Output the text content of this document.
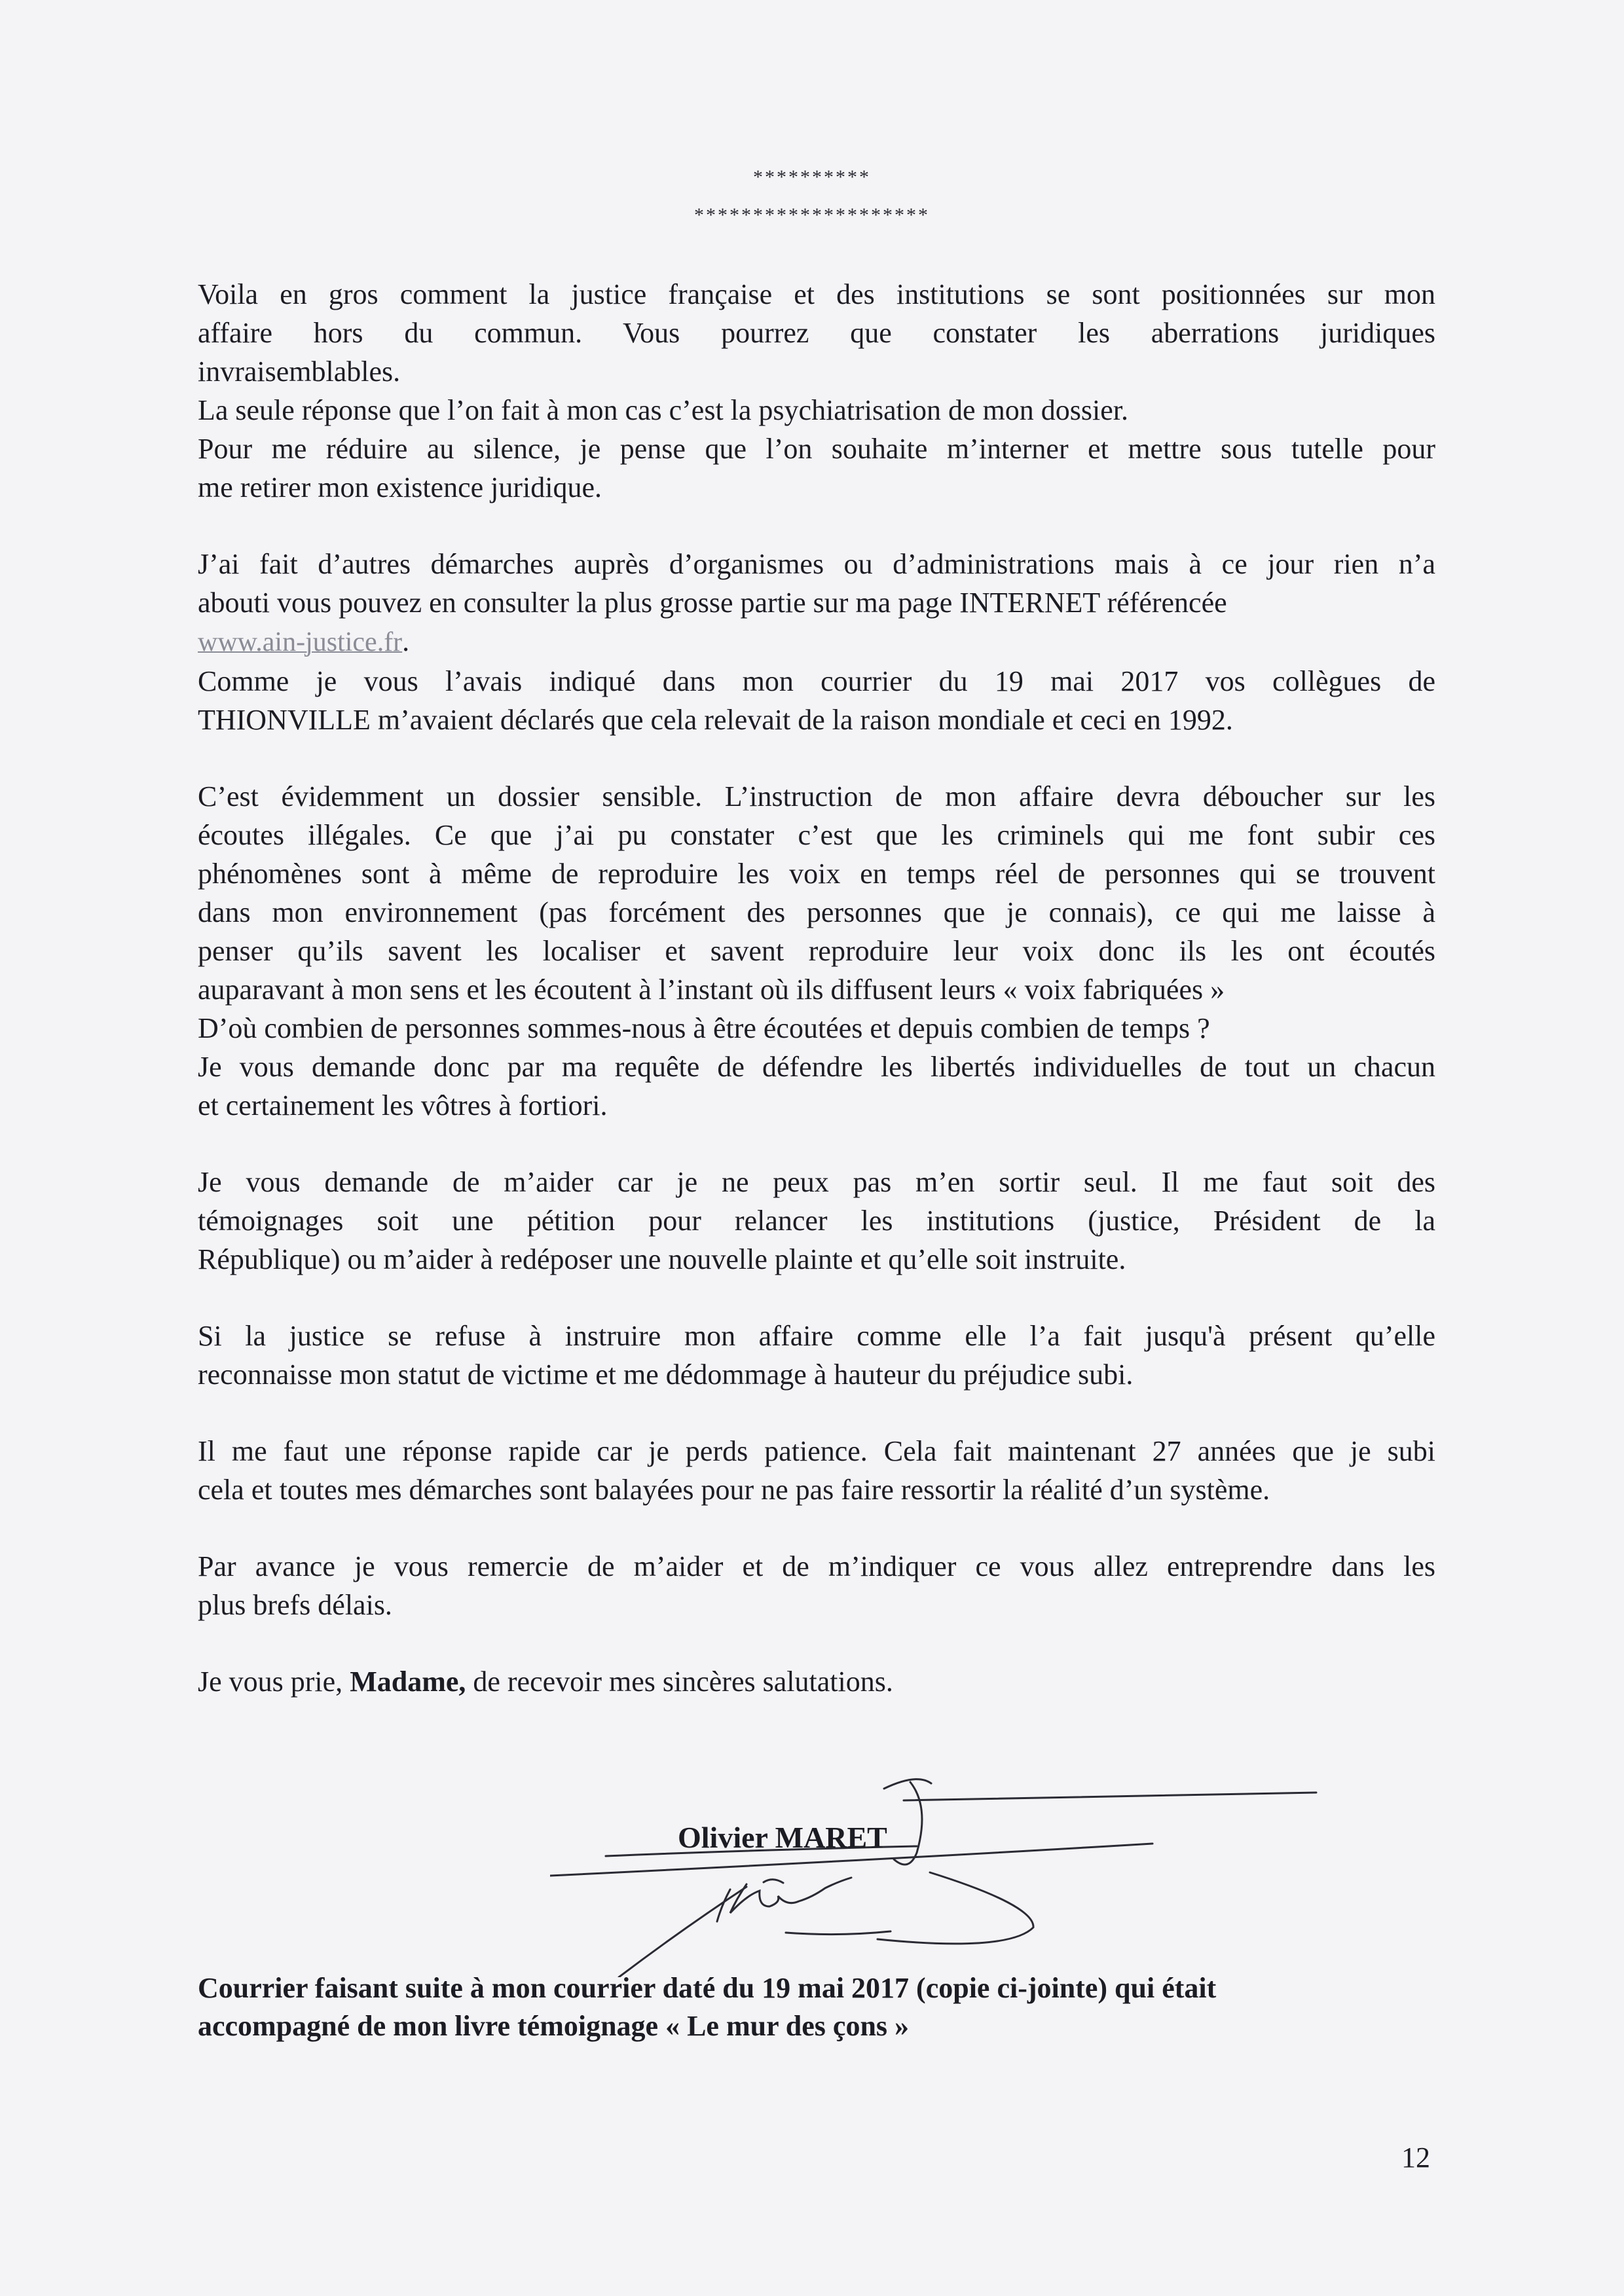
**********
********************

Voila en gros comment la justice française et des institutions se sont positionnées sur mon

affaire hors du commun. Vous pourrez que constater les aberrations juridiques

invraisemblables.

La seule réponse que l’on fait à mon cas c’est la psychiatrisation de mon dossier.

Pour me réduire au silence, je pense que l’on souhaite m’interner et mettre sous tutelle pour

me retirer mon existence juridique.

J’ai fait d’autres démarches auprès d’organismes ou d’administrations mais à ce jour rien n’a

abouti vous pouvez en consulter la plus grosse partie sur ma page INTERNET référencée

www.ain-justice.fr.

Comme je vous l’avais indiqué dans mon courrier du 19 mai 2017 vos collègues de

THIONVILLE m’avaient déclarés que cela relevait de la raison mondiale et ceci en 1992.

C’est évidemment un dossier sensible. L’instruction de mon affaire devra déboucher sur les

écoutes illégales. Ce que j’ai pu constater c’est que les criminels qui me font subir ces

phénomènes sont à même de reproduire les voix en temps réel de personnes qui se trouvent

dans mon environnement (pas forcément des personnes que je connais), ce qui me laisse à

penser qu’ils savent les localiser et savent reproduire leur voix donc ils les ont écoutés

auparavant à mon sens et les écoutent à l’instant où ils diffusent leurs « voix fabriquées »

D’où combien de personnes sommes-nous à être écoutées et depuis combien de temps ?

Je vous demande donc par ma requête de défendre les libertés individuelles de tout un chacun

et certainement les vôtres à fortiori.

Je vous demande de m’aider car je ne peux pas m’en sortir seul. Il me faut soit des

témoignages soit une pétition pour relancer les institutions (justice, Président de la

République) ou m’aider à redéposer une nouvelle plainte et qu’elle soit instruite.

Si la justice se refuse à instruire mon affaire comme elle l’a fait jusqu'à présent qu’elle

reconnaisse mon statut de victime et me dédommage à hauteur du préjudice subi.

Il me faut une réponse rapide car je perds patience. Cela fait maintenant 27 années que je subi

cela et toutes mes démarches sont balayées pour ne pas faire ressortir la réalité d’un système.

Par avance je vous remercie de m’aider et de m’indiquer ce vous allez entreprendre dans les

plus brefs délais.

Je vous prie, Madame, de recevoir mes sincères salutations.

Olivier MARET
Courrier faisant suite à mon courrier daté du 19 mai 2017 (copie ci-jointe) qui était
accompagné de mon livre témoignage « Le mur des çons »
12
